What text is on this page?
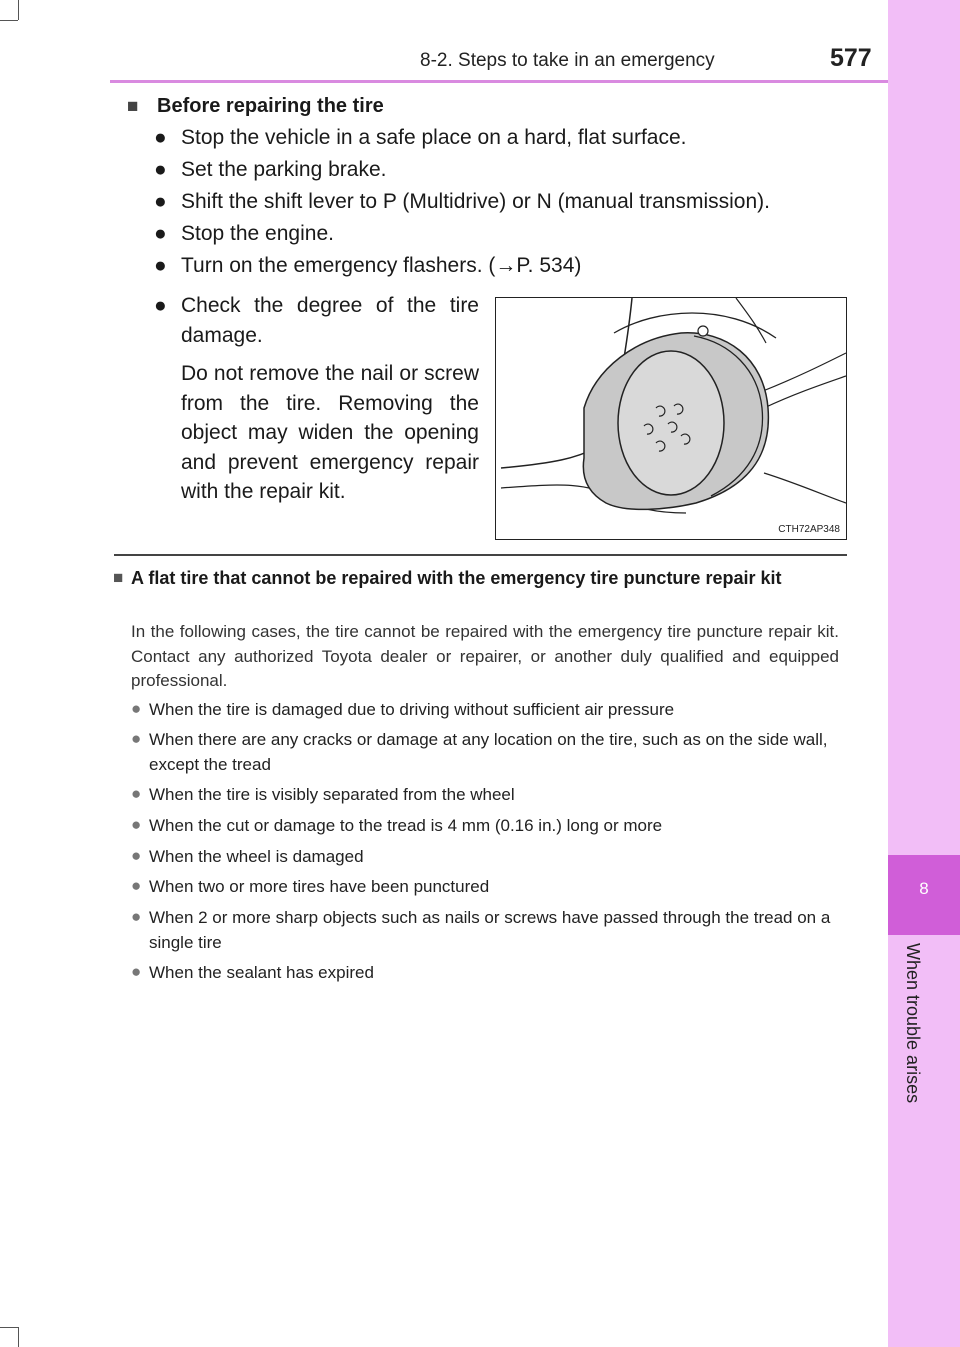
8-2. Steps to take in an emergency	577
8
When trouble arises
■ Before repairing the tire
● Stop the vehicle in a safe place on a hard, flat surface.
● Set the parking brake.
● Shift the shift lever to P (Multidrive) or N (manual transmission).
● Stop the engine.
● Turn on the emergency flashers. (→P. 534)
● Check the degree of the tire damage.
Do not remove the nail or screw from the tire. Removing the object may widen the opening and prevent emergency repair with the repair kit.
CTH72AP348
■ A flat tire that cannot be repaired with the emergency tire puncture repair kit
In the following cases, the tire cannot be repaired with the emergency tire puncture repair kit. Contact any authorized Toyota dealer or repairer, or another duly qualified and equipped professional.
● When the tire is damaged due to driving without sufficient air pressure
● When there are any cracks or damage at any location on the tire, such as on the side wall, except the tread
● When the tire is visibly separated from the wheel
● When the cut or damage to the tread is 4 mm (0.16 in.) long or more
● When the wheel is damaged
● When two or more tires have been punctured
● When 2 or more sharp objects such as nails or screws have passed through the tread on a single tire
● When the sealant has expired
